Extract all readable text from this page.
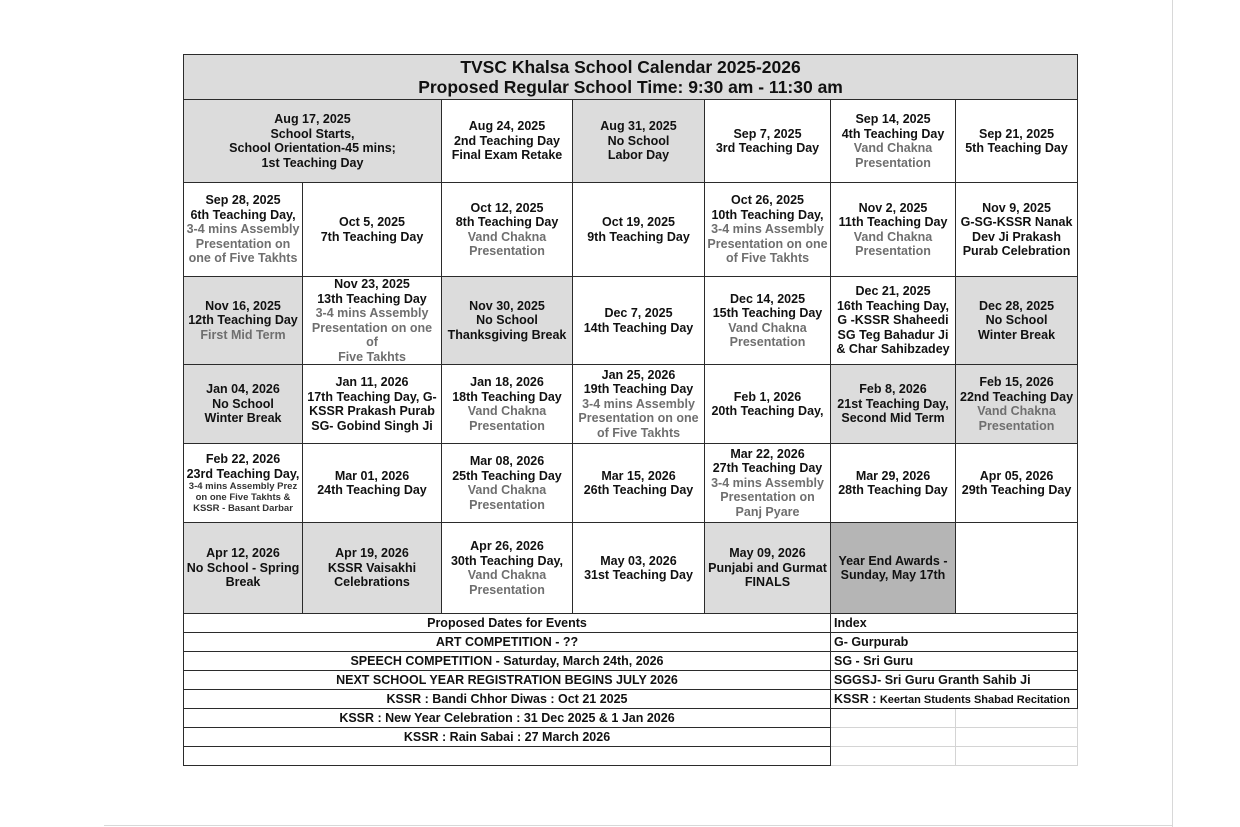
TVSC Khalsa School Calendar 2025-2026
Proposed Regular School Time: 9:30 am - 11:30 am						

Aug 17, 2025
School Starts,
School Orientation-45 mins;
1st Teaching Day		Aug 24, 2025
2nd Teaching Day
Final Exam Retake	Aug 31, 2025
No School
Labor Day	Sep 7, 2025
3rd Teaching Day	Sep 14, 2025
4th Teaching Day
Vand Chakna
Presentation	Sep 21, 2025
5th Teaching Day

Sep 28, 2025
6th Teaching Day,
3-4 mins Assembly
Presentation on
one of Five Takhts	Oct 5, 2025
7th Teaching Day	Oct 12, 2025
8th Teaching Day
Vand Chakna
Presentation	Oct 19, 2025
9th Teaching Day	Oct 26, 2025
10th Teaching Day,
3-4 mins Assembly
Presentation on one
of Five Takhts	Nov 2, 2025
11th Teaching Day
Vand Chakna
Presentation	Nov 9, 2025
G-SG-KSSR Nanak
Dev Ji Prakash
Purab Celebration

Nov 16, 2025
12th Teaching Day
First Mid Term	Nov 23, 2025
13th Teaching Day
3-4 mins Assembly
Presentation on one of
Five Takhts	Nov 30, 2025
No School
Thanksgiving Break	Dec 7, 2025
14th Teaching Day	Dec 14, 2025
15th Teaching Day
Vand Chakna
Presentation	Dec 21, 2025
16th Teaching Day,
G -KSSR Shaheedi
SG Teg Bahadur Ji
& Char Sahibzadey	Dec 28, 2025
No School
Winter Break

Jan 04, 2026
No School
Winter Break	Jan 11, 2026
17th Teaching Day, G-
KSSR Prakash Purab
SG- Gobind Singh Ji	Jan 18, 2026
18th Teaching Day
Vand Chakna
Presentation	Jan 25, 2026
19th Teaching Day
3-4 mins Assembly
Presentation on one
of Five Takhts	Feb 1, 2026
20th Teaching Day,	Feb 8, 2026
21st Teaching Day,
Second Mid Term	Feb 15, 2026
22nd Teaching Day
Vand Chakna
Presentation

Feb 22, 2026
23rd Teaching Day,
3-4 mins Assembly Prez
on one Five Takhts &
KSSR - Basant Darbar	Mar 01, 2026
24th Teaching Day	Mar 08, 2026
25th Teaching Day
Vand Chakna
Presentation	Mar 15, 2026
26th Teaching Day	Mar 22, 2026
27th Teaching Day
3-4 mins Assembly
Presentation on
Panj Pyare	Mar 29, 2026
28th Teaching Day	Apr 05, 2026
29th Teaching Day

Apr 12, 2026
No School - Spring
Break	Apr 19, 2026
KSSR Vaisakhi
Celebrations	Apr 26, 2026
30th Teaching Day,
Vand Chakna
Presentation	May 03, 2026
31st Teaching Day	May 09, 2026
Punjabi and Gurmat
FINALS	Year End Awards -
Sunday, May 17th	

Proposed Dates for Events					Index	
ART COMPETITION - ??					G- Gurpurab	
SPEECH COMPETITION - Saturday, March 24th, 2026					SG - Sri Guru	
NEXT SCHOOL YEAR REGISTRATION BEGINS JULY 2026					SGGSJ- Sri Guru Granth Sahib Ji	
KSSR : Bandi Chhor Diwas : Oct 21 2025					KSSR : Keertan Students Shabad Recitation	
KSSR : New Year Celebration : 31 Dec 2025 & 1 Jan 2026						
KSSR : Rain Sabai : 27 March 2026						
